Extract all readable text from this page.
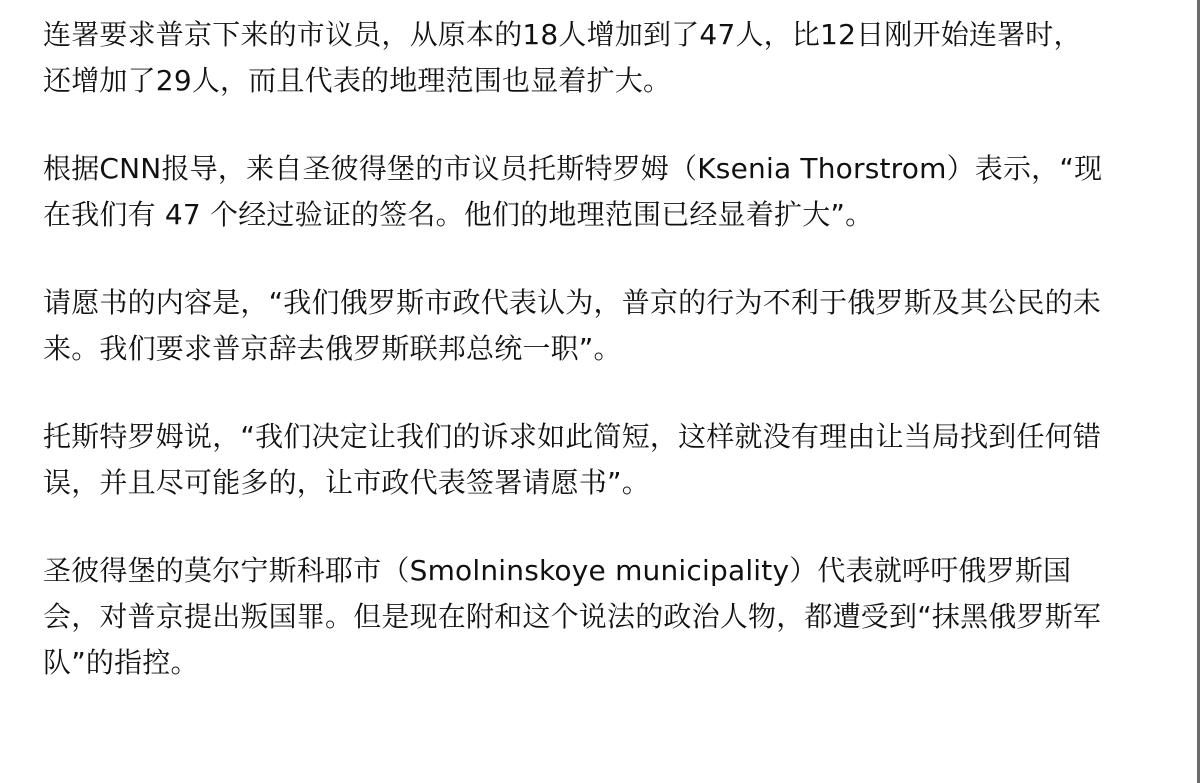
连署要求普京下来的市议员，从原本的18人增加到了47人，比12日刚开始连署时，
还增加了29人，而且代表的地理范围也显着扩大。

根据CNN报导，来自圣彼得堡的市议员托斯特罗姆（Ksenia Thorstrom）表示，“现
在我们有 47 个经过验证的签名。他们的地理范围已经显着扩大”。

请愿书的内容是，“我们俄罗斯市政代表认为，普京的行为不利于俄罗斯及其公民的未
来。我们要求普京辞去俄罗斯联邦总统一职”。

托斯特罗姆说，“我们决定让我们的诉求如此简短，这样就没有理由让当局找到任何错
误，并且尽可能多的，让市政代表签署请愿书”。

圣彼得堡的莫尔宁斯科耶市（Smolninskoye municipality）代表就呼吁俄罗斯国
会，对普京提出叛国罪。但是现在附和这个说法的政治人物，都遭受到“抹黑俄罗斯军
队”的指控。
